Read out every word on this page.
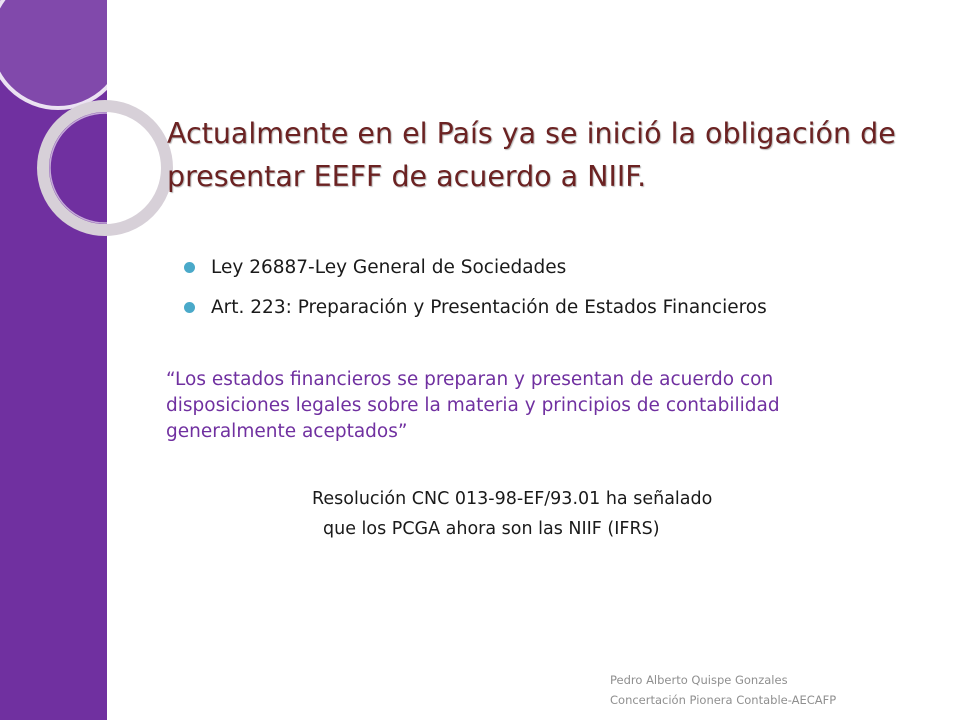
Actualmente en el País ya se inició la obligación de presentar EEFF de acuerdo a NIIF.
Ley 26887-Ley General de Sociedades
Art. 223: Preparación y Presentación de Estados Financieros

“Los estados financieros se preparan y presentan de acuerdo con disposiciones legales sobre la materia y principios de contabilidad generalmente aceptados”

Resolución CNC 013-98-EF/93.01 ha señalado
que los PCGA ahora son las NIIF (IFRS)

Pedro Alberto Quispe Gonzales
Concertación Pionera Contable-AECAFP
